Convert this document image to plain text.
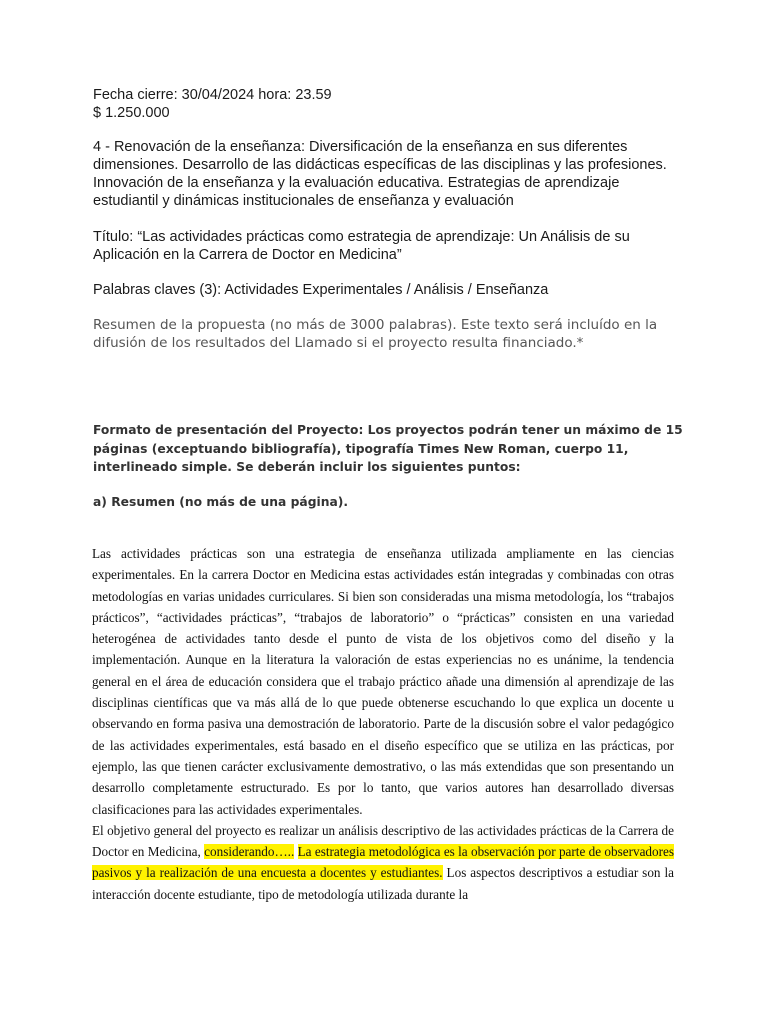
Fecha cierre: 30/04/2024 hora: 23.59
$ 1.250.000
4 - Renovación de la enseñanza: Diversificación de la enseñanza en sus diferentes dimensiones. Desarrollo de las didácticas específicas de las disciplinas y las profesiones. Innovación de la enseñanza y la evaluación educativa. Estrategias de aprendizaje estudiantil y dinámicas institucionales de enseñanza y evaluación
Título: “Las actividades prácticas como estrategia de aprendizaje: Un Análisis de su Aplicación en la Carrera de Doctor en Medicina”
Palabras claves (3): Actividades Experimentales / Análisis / Enseñanza
Resumen de la propuesta (no más de 3000 palabras). Este texto será incluído en la difusión de los resultados del Llamado si el proyecto resulta financiado.*
Formato de presentación del Proyecto: Los proyectos podrán tener un máximo de 15 páginas (exceptuando bibliografía), tipografía Times New Roman, cuerpo 11, interlineado simple. Se deberán incluir los siguientes puntos:
a) Resumen (no más de una página).

Las actividades prácticas son una estrategia de enseñanza utilizada ampliamente en las ciencias experimentales. En la carrera Doctor en Medicina estas actividades están integradas y combinadas con otras metodologías en varias unidades curriculares. Si bien son consideradas una misma metodología, los “trabajos prácticos”, “actividades prácticas”, “trabajos de laboratorio” o “prácticas” consisten en una variedad heterogénea de actividades tanto desde el punto de vista de los objetivos como del diseño y la implementación. Aunque en la literatura la valoración de estas experiencias no es unánime, la tendencia general en el área de educación considera que el trabajo práctico añade una dimensión al aprendizaje de las disciplinas científicas que va más allá de lo que puede obtenerse escuchando lo que explica un docente u observando en forma pasiva una demostración de laboratorio. Parte de la discusión sobre el valor pedagógico de las actividades experimentales, está basado en el diseño específico que se utiliza en las prácticas, por ejemplo, las que tienen carácter exclusivamente demostrativo, o las más extendidas que son presentando un desarrollo completamente estructurado. Es por lo tanto, que varios autores han desarrollado diversas clasificaciones para las actividades experimentales.

El objetivo general del proyecto es realizar un análisis descriptivo de las actividades prácticas de la Carrera de Doctor en Medicina, considerando….. La estrategia metodológica es la observación por parte de observadores pasivos y la realización de una encuesta a docentes y estudiantes. Los aspectos descriptivos a estudiar son la interacción docente estudiante, tipo de metodología utilizada durante la
